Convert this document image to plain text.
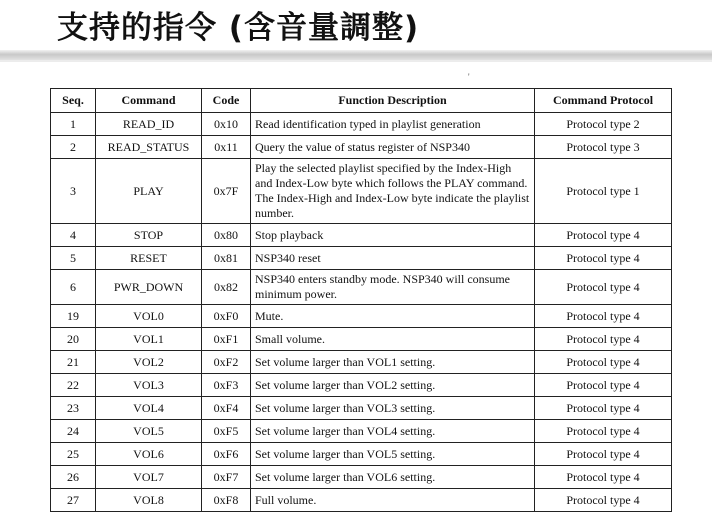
支持的指令 (含音量調整)
'
Seq.	Command	Code	Function Description	Command Protocol
1	READ_ID	0x10	Read identification typed in playlist generation	Protocol type 2
2	READ_STATUS	0x11	Query the value of status register of NSP340	Protocol type 3
3	PLAY	0x7F	Play the selected playlist specified by the Index-High and Index-Low byte which follows the PLAY command. The Index-High and Index-Low byte indicate the playlist number.	Protocol type 1
4	STOP	0x80	Stop playback	Protocol type 4
5	RESET	0x81	NSP340 reset	Protocol type 4
6	PWR_DOWN	0x82	NSP340 enters standby mode. NSP340 will consume minimum power.	Protocol type 4
19	VOL0	0xF0	Mute.	Protocol type 4
20	VOL1	0xF1	Small volume.	Protocol type 4
21	VOL2	0xF2	Set volume larger than VOL1 setting.	Protocol type 4
22	VOL3	0xF3	Set volume larger than VOL2 setting.	Protocol type 4
23	VOL4	0xF4	Set volume larger than VOL3 setting.	Protocol type 4
24	VOL5	0xF5	Set volume larger than VOL4 setting.	Protocol type 4
25	VOL6	0xF6	Set volume larger than VOL5 setting.	Protocol type 4
26	VOL7	0xF7	Set volume larger than VOL6 setting.	Protocol type 4
27	VOL8	0xF8	Full volume.	Protocol type 4
